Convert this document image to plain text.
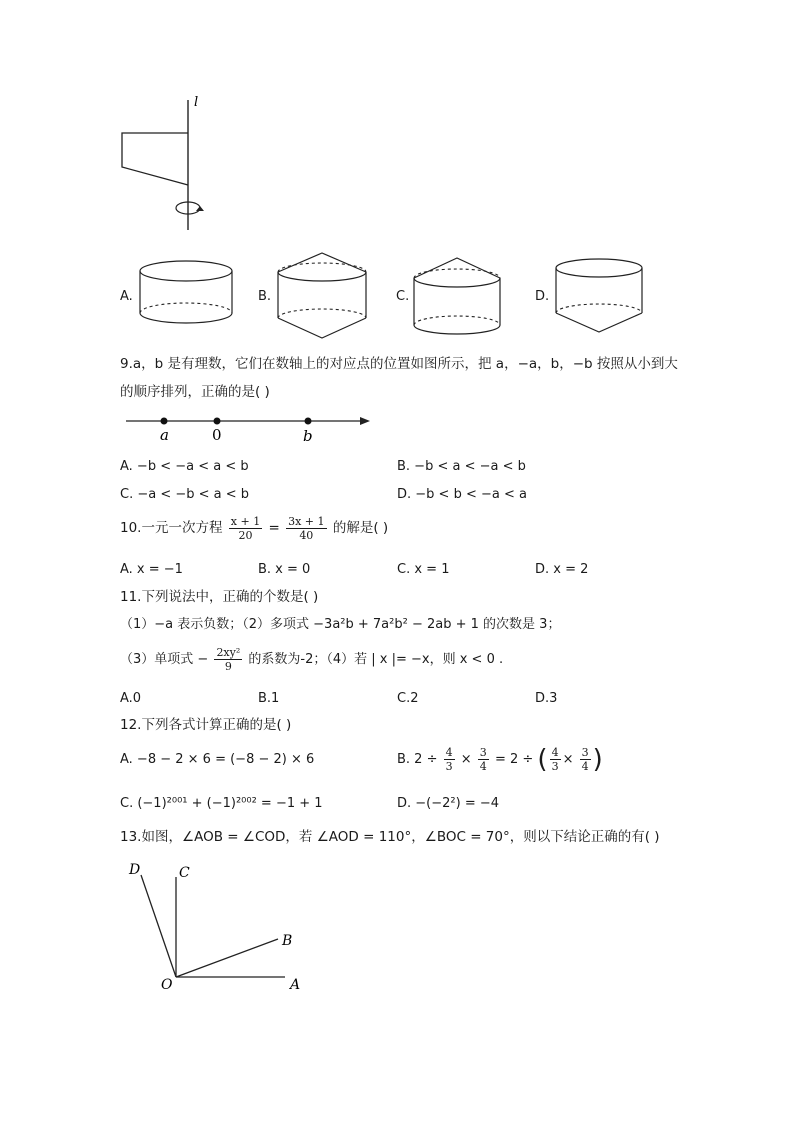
l
A.	B.	C.	D.
9.a，b 是有理数，它们在数轴上的对应点的位置如图所示，把 a，−a，b，−b 按照从小到大
的顺序排列，正确的是( )
a	0	b
A. −b < −a < a < b	B. −b < a < −a < b
C. −a < −b < a < b	D. −b < b < −a < a
10.一元一次方程 $\frac{x + 1}{20} = \frac{3x + 1}{40}$ 的解是( )
A. x = −1	B. x = 0	C. x = 1	D. x = 2
11.下列说法中，正确的个数是( )
（1）−a 表示负数；（2）多项式 −3a²b + 7a²b² − 2ab + 1 的次数是 3；
（3）单项式 − $\frac{\text{2xy²}}{9}$ 的系数为-2；（4）若 | x |= −x，则 x < 0 .
A.0	B.1	C.2	D.3
12.下列各式计算正确的是( )
A. −8 − 2 × 6 = (−8 − 2) × 6	B. $2 \div \frac{4}{3} \times \frac{3}{4} = 2$ ÷ ( $\frac{4}{3} \times \frac{3}{4}$ )
C. (−1)²⁰⁰¹ + (−1)²⁰⁰² = −1 + 1	D. −(−2²) = −4
13.如图，∠AOB = ∠COD，若 ∠AOD = 110°，∠BOC = 70°，则以下结论正确的有( )
D	C
B
O	A
